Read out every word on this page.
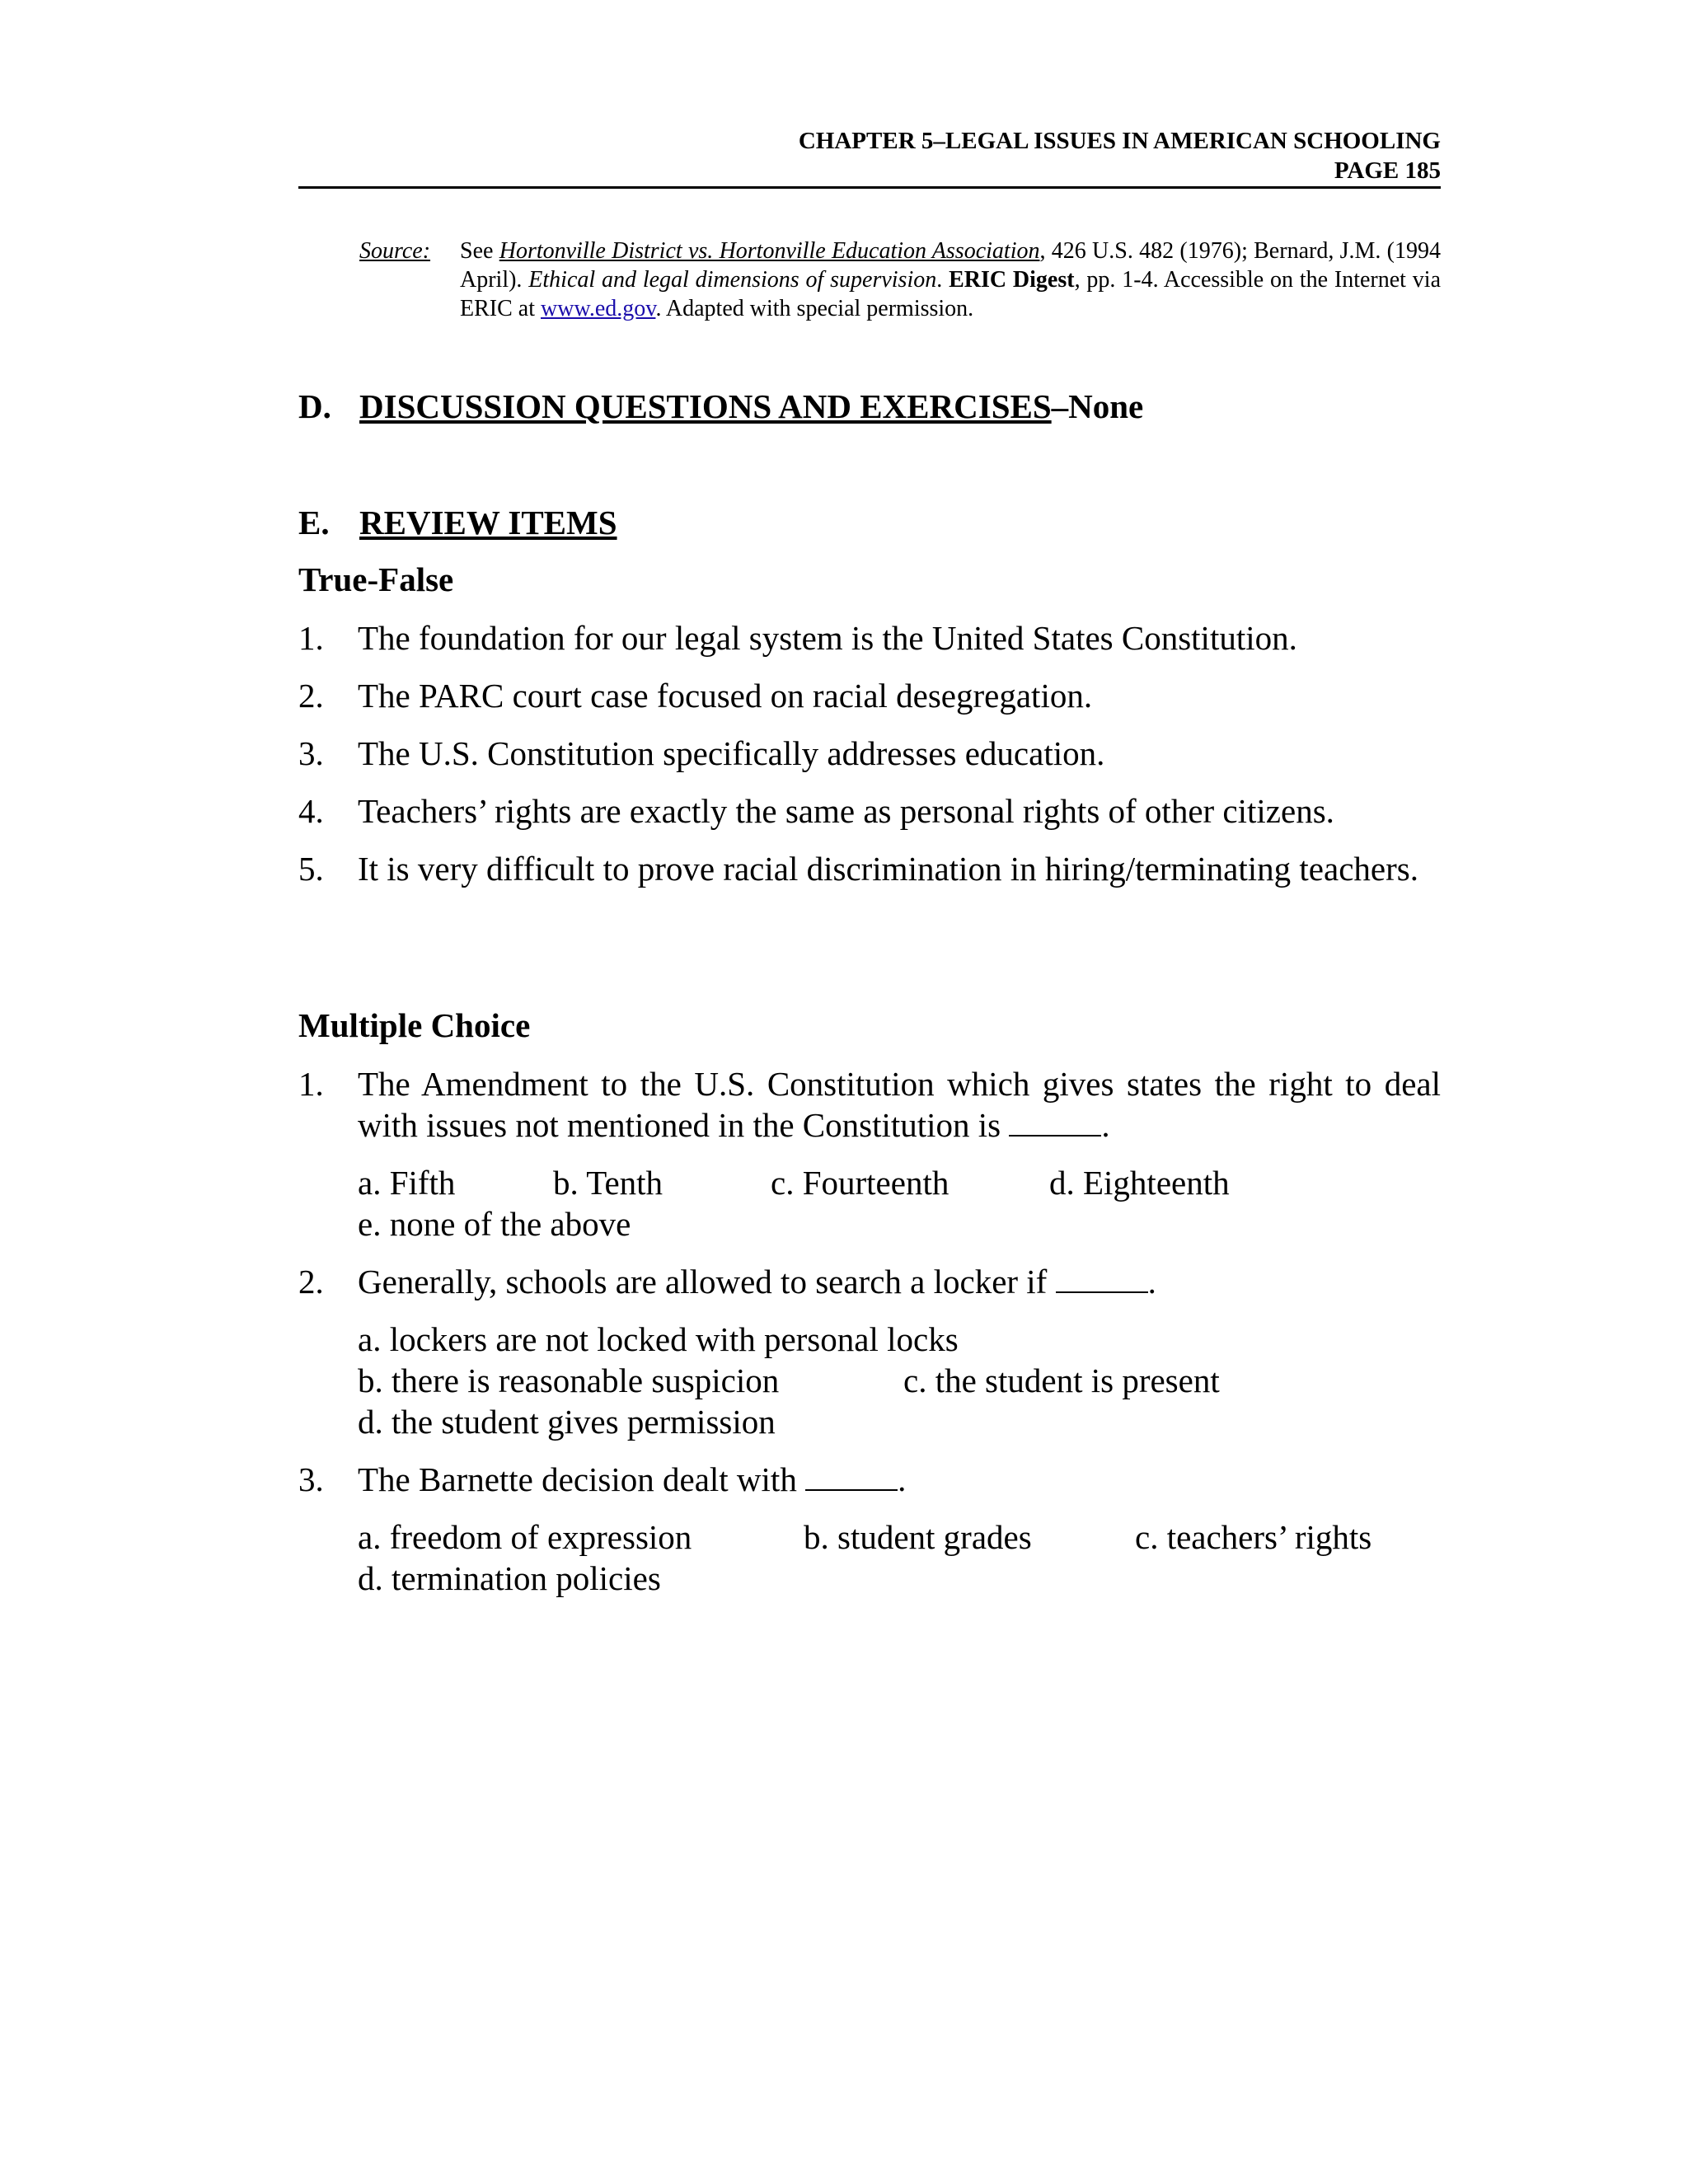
CHAPTER 5–LEGAL ISSUES IN AMERICAN SCHOOLING
PAGE 185
Source: See Hortonville District vs. Hortonville Education Association, 426 U.S. 482 (1976); Bernard, J.M. (1994 April). Ethical and legal dimensions of supervision. ERIC Digest, pp. 1-4. Accessible on the Internet via ERIC at www.ed.gov. Adapted with special permission.
D. DISCUSSION QUESTIONS AND EXERCISES–None
E. REVIEW ITEMS
True-False
1. The foundation for our legal system is the United States Constitution.
2. The PARC court case focused on racial desegregation.
3. The U.S. Constitution specifically addresses education.
4. Teachers’ rights are exactly the same as personal rights of other citizens.
5. It is very difficult to prove racial discrimination in hiring/terminating teachers.
Multiple Choice
1. The Amendment to the U.S. Constitution which gives states the right to deal with issues not mentioned in the Constitution is	.
a. Fifth	b. Tenth	c. Fourteenth	d. Eighteenth
e. none of the above
2. Generally, schools are allowed to search a locker if	.
a. lockers are not locked with personal locks
b. there is reasonable suspicion	c. the student is present
d. the student gives permission
3. The Barnette decision dealt with	.
a. freedom of expression	b. student grades	c. teachers’ rights
d. termination policies
